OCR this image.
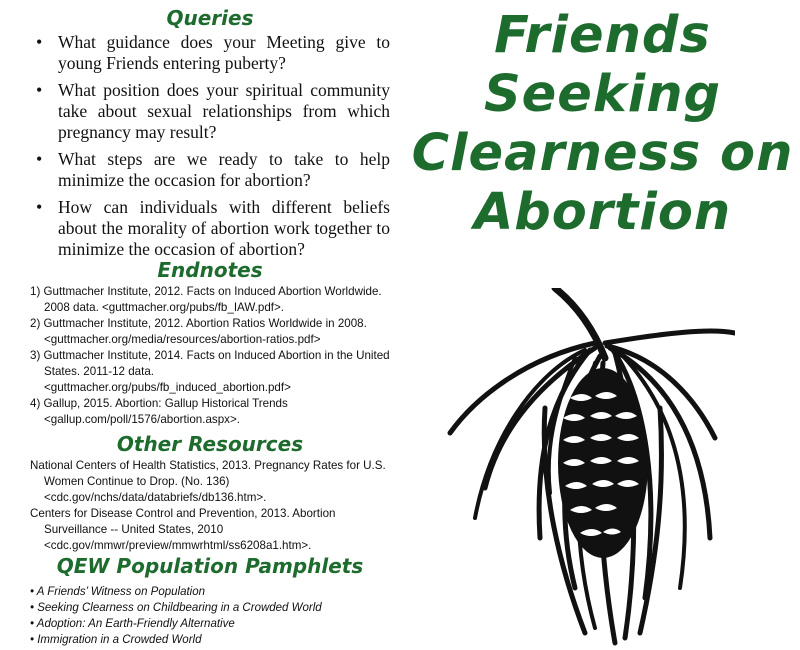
Queries
• What guidance does your Meeting give to young Friends entering puberty?
• What position does your spiritual community take about sexual relationships from which pregnancy may result?
• What steps are we ready to take to help minimize the occasion for abortion?
• How can individuals with different beliefs about the morality of abortion work together to minimize the occasion of abortion?
Endnotes
1) Guttmacher Institute, 2012. Facts on Induced Abortion Worldwide. 2008 data. <guttmacher.org/pubs/fb_IAW.pdf>.
2) Guttmacher Institute, 2012. Abortion Ratios Worldwide in 2008. <guttmacher.org/media/resources/abortion-ratios.pdf>
3) Guttmacher Institute, 2014. Facts on Induced Abortion in the United States. 2011-12 data. <guttmacher.org/pubs/fb_induced_abortion.pdf>
4) Gallup, 2015. Abortion: Gallup Historical Trends <gallup.com/poll/1576/abortion.aspx>.
Other Resources

National Centers of Health Statistics, 2013. Pregnancy Rates for U.S. Women Continue to Drop. (No. 136) <cdc.gov/nchs/data/databriefs/db136.htm>.

Centers for Disease Control and Prevention, 2013. Abortion Surveillance -- United States, 2010 <cdc.gov/mmwr/preview/mmwrhtml/ss6208a1.htm>.

QEW Population Pamphlets
• A Friends’ Witness on Population
• Seeking Clearness on Childbearing in a Crowded World
• Adoption: An Earth-Friendly Alternative
• Immigration in a Crowded World
Friends
Seeking
Clearness on
Abortion
